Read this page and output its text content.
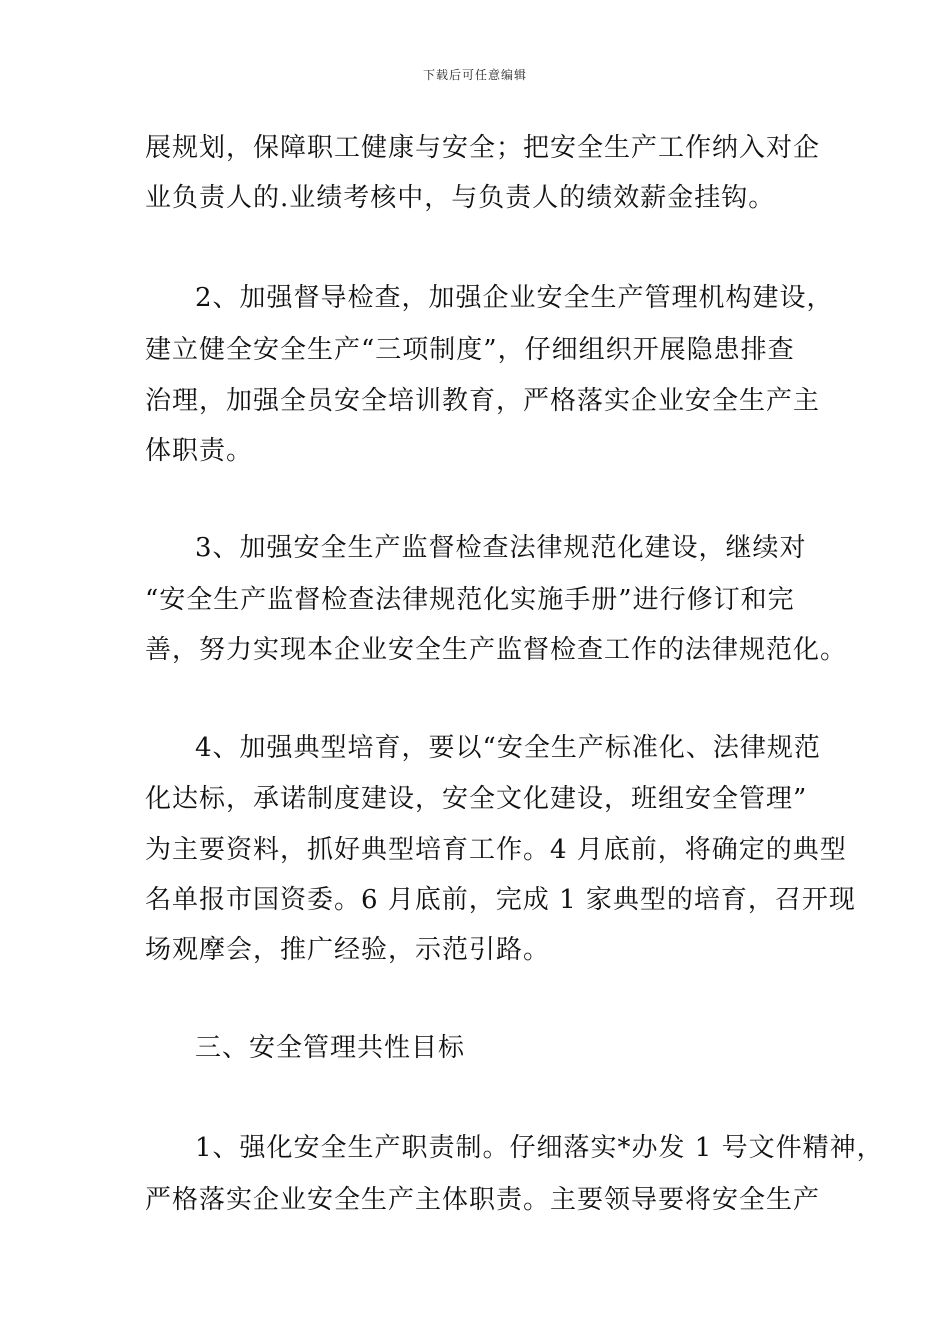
下载后可任意编辑
展规划，保障职工健康与安全；把安全生产工作纳入对企
业负责人的.业绩考核中，与负责人的绩效薪金挂钩。
2、加强督导检查，加强企业安全生产管理机构建设，
建立健全安全生产“三项制度”，仔细组织开展隐患排查
治理，加强全员安全培训教育，严格落实企业安全生产主
体职责。
3、加强安全生产监督检查法律规范化建设，继续对
“安全生产监督检查法律规范化实施手册”进行修订和完
善，努力实现本企业安全生产监督检查工作的法律规范化。
4、加强典型培育，要以“安全生产标准化、法律规范
化达标，承诺制度建设，安全文化建设，班组安全管理”
为主要资料，抓好典型培育工作。4 月底前，将确定的典型
名单报市国资委。6 月底前，完成 1 家典型的培育，召开现
场观摩会，推广经验，示范引路。
三、安全管理共性目标
1、强化安全生产职责制。仔细落实*办发 1 号文件精神，
严格落实企业安全生产主体职责。主要领导要将安全生产
